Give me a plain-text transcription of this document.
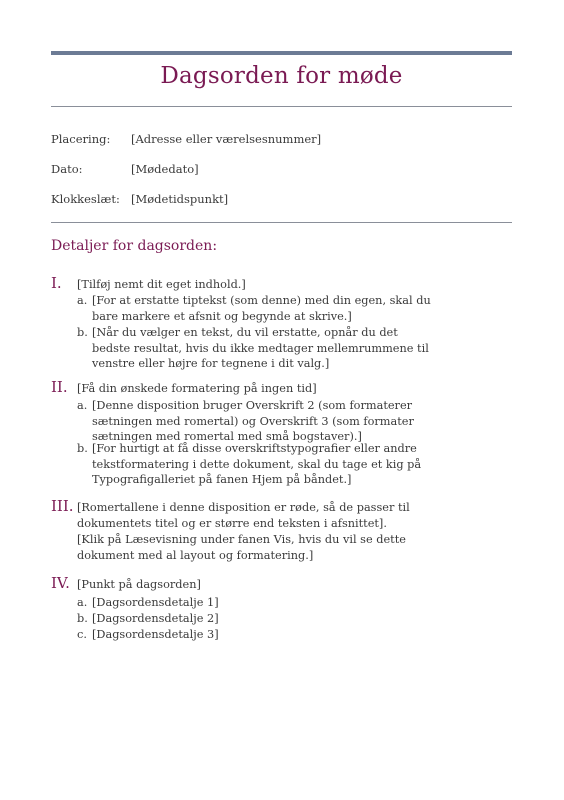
Dagsorden for møde
Placering: [Adresse eller værelsesnummer]
Dato:	[Mødedato]
Klokkeslæt: [Mødetidspunkt]
Detaljer for dagsorden:
I. [Tilføj nemt dit eget indhold.]
a. [For at erstatte tiptekst (som denne) med din egen, skal du bare markere et afsnit og begynde at skrive.]
b. [Når du vælger en tekst, du vil erstatte, opnår du det bedste resultat, hvis du ikke medtager mellemrummene til venstre eller højre for tegnene i dit valg.]
II. [Få din ønskede formatering på ingen tid]
a. [Denne disposition bruger Overskrift 2 (som formaterer sætningen med romertal) og Overskrift 3 (som formater sætningen med romertal med små bogstaver).]
b. [For hurtigt at få disse overskriftstypografier eller andre tekstformatering i dette dokument, skal du tage et kig på Typografigalleriet på fanen Hjem på båndet.]
III. [Romertallene i denne disposition er røde, så de passer til dokumentets titel og er større end teksten i afsnittet].
[Klik på Læsevisning under fanen Vis, hvis du vil se dette dokument med al layout og formatering.]
IV. [Punkt på dagsorden]
a. [Dagsordensdetalje 1]
b. [Dagsordensdetalje 2]
c. [Dagsordensdetalje 3]
